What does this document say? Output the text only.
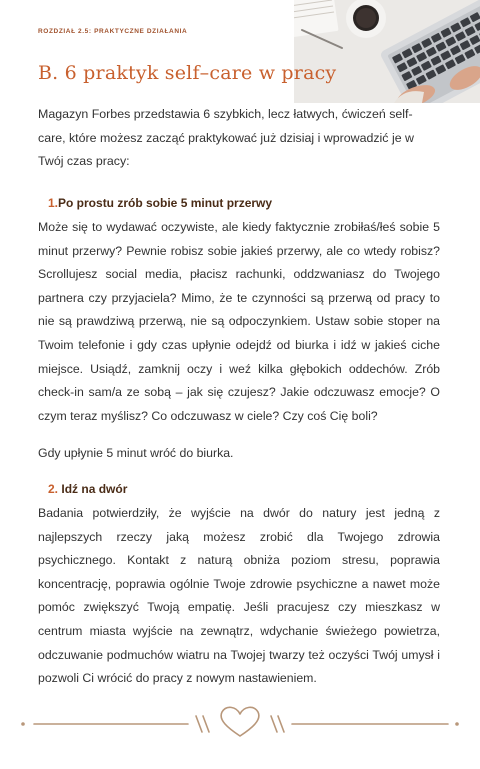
ROZDZIAŁ 2.5: PRAKTYCZNE DZIAŁANIA
B. 6 praktyk self–care w pracy

Magazyn Forbes przedstawia 6 szybkich, lecz łatwych, ćwiczeń self-care, które możesz zacząć praktykować już dzisiaj i wprowadzić je w Twój czas pracy:

1.Po prostu zrób sobie 5 minut przerwy

Może się to wydawać oczywiste, ale kiedy faktycznie zrobiłaś/łeś sobie 5 minut przerwy? Pewnie robisz sobie jakieś przerwy, ale co wtedy robisz? Scrollujesz social media, płacisz rachunki, oddzwaniasz do Twojego partnera czy przyjaciela? Mimo, że te czynności są przerwą od pracy to nie są prawdziwą przerwą, nie są odpoczynkiem. Ustaw sobie stoper na Twoim telefonie i gdy czas upłynie odejdź od biurka i idź w jakieś ciche miejsce. Usiądź, zamknij oczy i weź kilka głębokich oddechów. Zrób check-in sam/a ze sobą – jak się czujesz? Jakie odczuwasz emocje? O czym teraz myślisz? Co odczuwasz w ciele? Czy coś Cię boli?

Gdy upłynie 5 minut wróć do biurka.

2. Idź na dwór

Badania potwierdziły, że wyjście na dwór do natury jest jedną z najlepszych rzeczy jaką możesz zrobić dla Twojego zdrowia psychicznego. Kontakt z naturą obniża poziom stresu, poprawia koncentrację, poprawia ogólnie Twoje zdrowie psychiczne a nawet może pomóc zwiększyć Twoją empatię. Jeśli pracujesz czy mieszkasz w centrum miasta wyjście na zewnątrz, wdychanie świeżego powietrza, odczuwanie podmuchów wiatru na Twojej twarzy też oczyści Twój umysł i pozwoli Ci wrócić do pracy z nowym nastawieniem.
